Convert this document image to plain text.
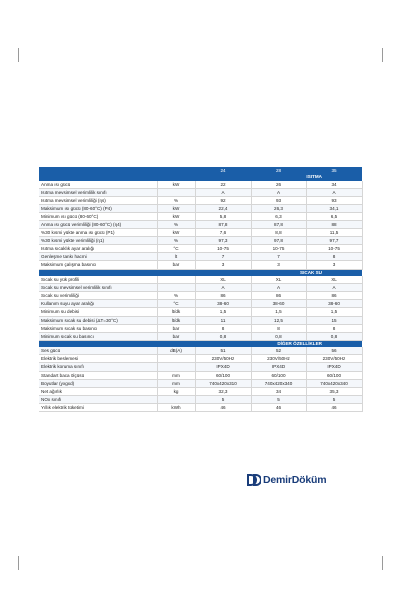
		24	28	35
ISITMA				
Anma ısı gücü	kW	22	26	34
Isıtma mevsimsel verimlilik sınıfı		A	A	A
Isıtma mevsimsel verimliliği (ηs)	%	92	93	93
Maksimum ısı gücü (80-60°C) (P4)	kW	22,4	26,3	34,1
Minimum ısı gücü (80-60°C)	kW	5,8	6,3	6,5
Anma ısı gücü verimliliği (80-60°C) (η4)	%	87,8	87,8	88
%30 kısmi yükte anma ısı gücü (P1)	kW	7,6	8,8	11,5
%30 kısmi yükte verimliliği (η1)	%	97,3	97,8	97,7
Isıtma sıcaklık ayar aralığı	°C	10-75	10-75	10-75
Genleşme tankı hacmi	lt	7	7	8
Maksimum çalışma basıncı	bar	3	3	3
SICAK SU				
Sıcak su yük profili		XL	XL	XL
Sıcak su mevsimsel verimlilik sınıfı		A	A	A
Sıcak su verimliliği	%	86	86	86
Kullanım suyu ayar aralığı	°C	38-60	38-60	38-60
Minimum su debisi	lt/dk	1,5	1,5	1,5
Maksimum sıcak su debisi (ΔT=30°C)	lt/dk	11	12,5	15
Maksimum sıcak su basıncı	bar	8	8	8
Minimum sıcak su basıncı	bar	0,8	0,8	0,8
DİĞER ÖZELLİKLER				
Ses gücü	dB(A)	51	52	56
Elektrik beslemesi		230V/50Hz	230V/50Hz	230V/50Hz
Elektrik koruma sınıfı		IPX4D	IPX4D	IPX4D
Standart baca ölçüsü	mm	60/100	60/100	60/100
Boyutlar (yxgxd)	mm	740x420x310	740x420x340	740x420x340
Net ağırlık	kg	32,3	34	35,3
NOx sınıfı		5	5	5
Yıllık elektrik tüketimi	kWh	46	46	46
DemirDöküm
